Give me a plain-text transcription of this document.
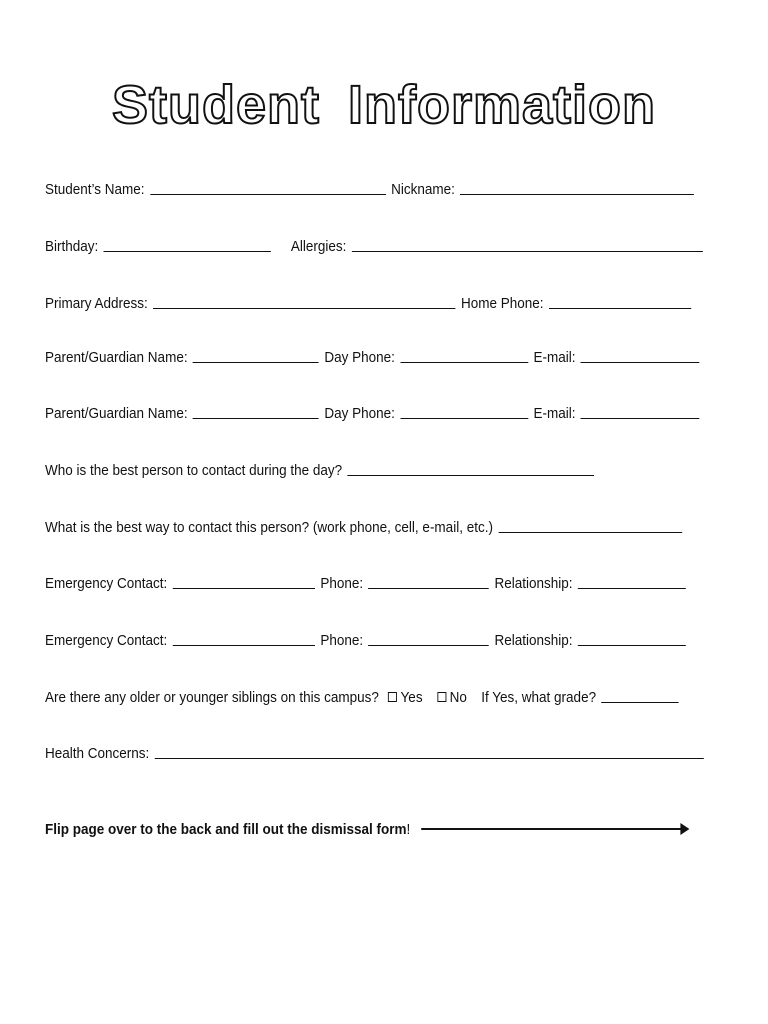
Student Information
Student’s Name:	Nickname:
Birthday:	Allergies:
Primary Address:	Home Phone:
Parent/Guardian Name:	Day Phone:	E-mail:
Parent/Guardian Name:	Day Phone:	E-mail:
Who is the best person to contact during the day?
What is the best way to contact this person? (work phone, cell, e-mail, etc.)
Emergency Contact:	Phone:	Relationship:
Emergency Contact:	Phone:	Relationship:
Are there any older or younger siblings on this campus? Yes No If Yes, what grade?
Health Concerns:
Flip page over to the back and fill out the dismissal form !
